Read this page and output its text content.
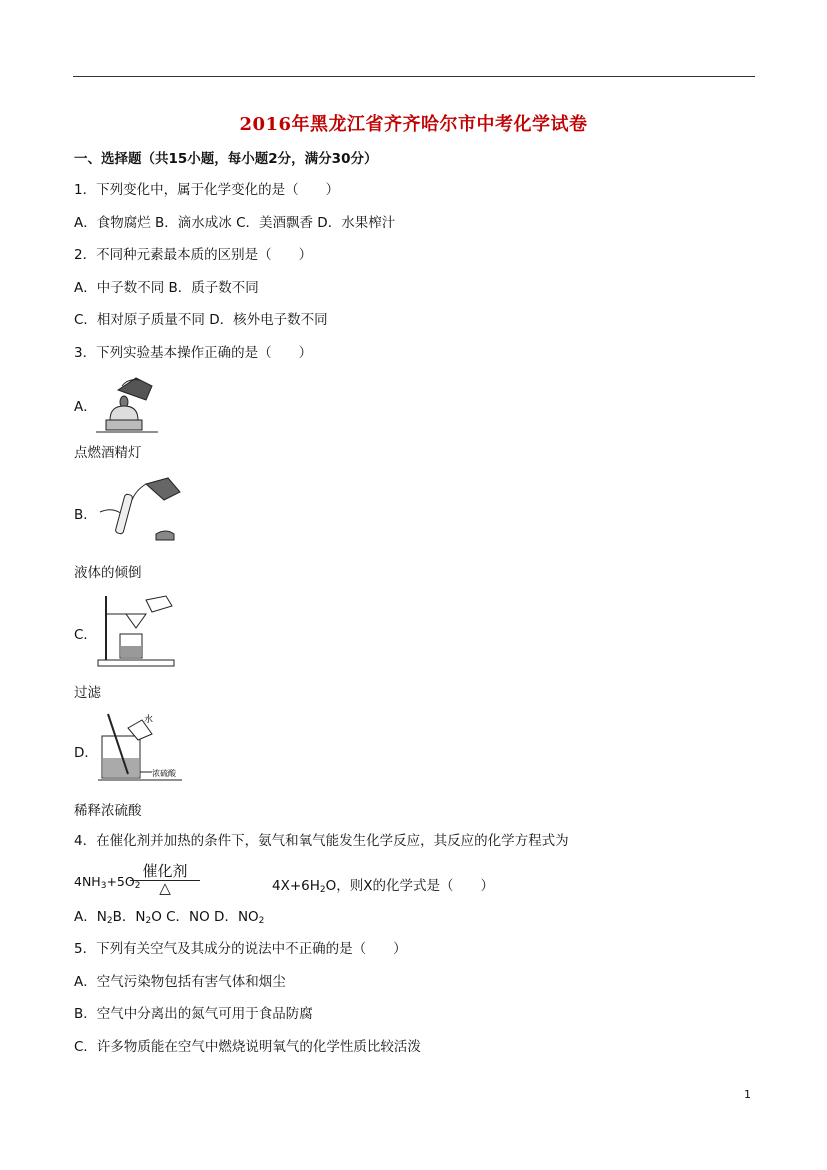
2016年黑龙江省齐齐哈尔市中考化学试卷
一、选择题（共15小题，每小题2分，满分30分）
1．下列变化中，属于化学变化的是（　　）
A．食物腐烂 B．滴水成冰 C．美酒飘香 D．水果榨汁
2．不同种元素最本质的区别是（　　）
A．中子数不同 B．质子数不同
C．相对原子质量不同 D．核外电子数不同
3．下列实验基本操作正确的是（　　）
A．
点燃酒精灯
B．
液体的倾倒
C．
过滤
D．
水
浓硫酸
稀释浓硫酸
4．在催化剂并加热的条件下，氨气和氧气能发生化学反应，其反应的化学方程式为
$4NH_3+5O_2$
催化剂
△	$4X+6H_2O$，则X的化学式是（　　）
A．$N_2B$．$N_2O$ C．NO D．$NO_2$
5．下列有关空气及其成分的说法中不正确的是（　　）
A．空气污染物包括有害气体和烟尘
B．空气中分离出的氮气可用于食品防腐
C．许多物质能在空气中燃烧说明氧气的化学性质比较活泼
1
